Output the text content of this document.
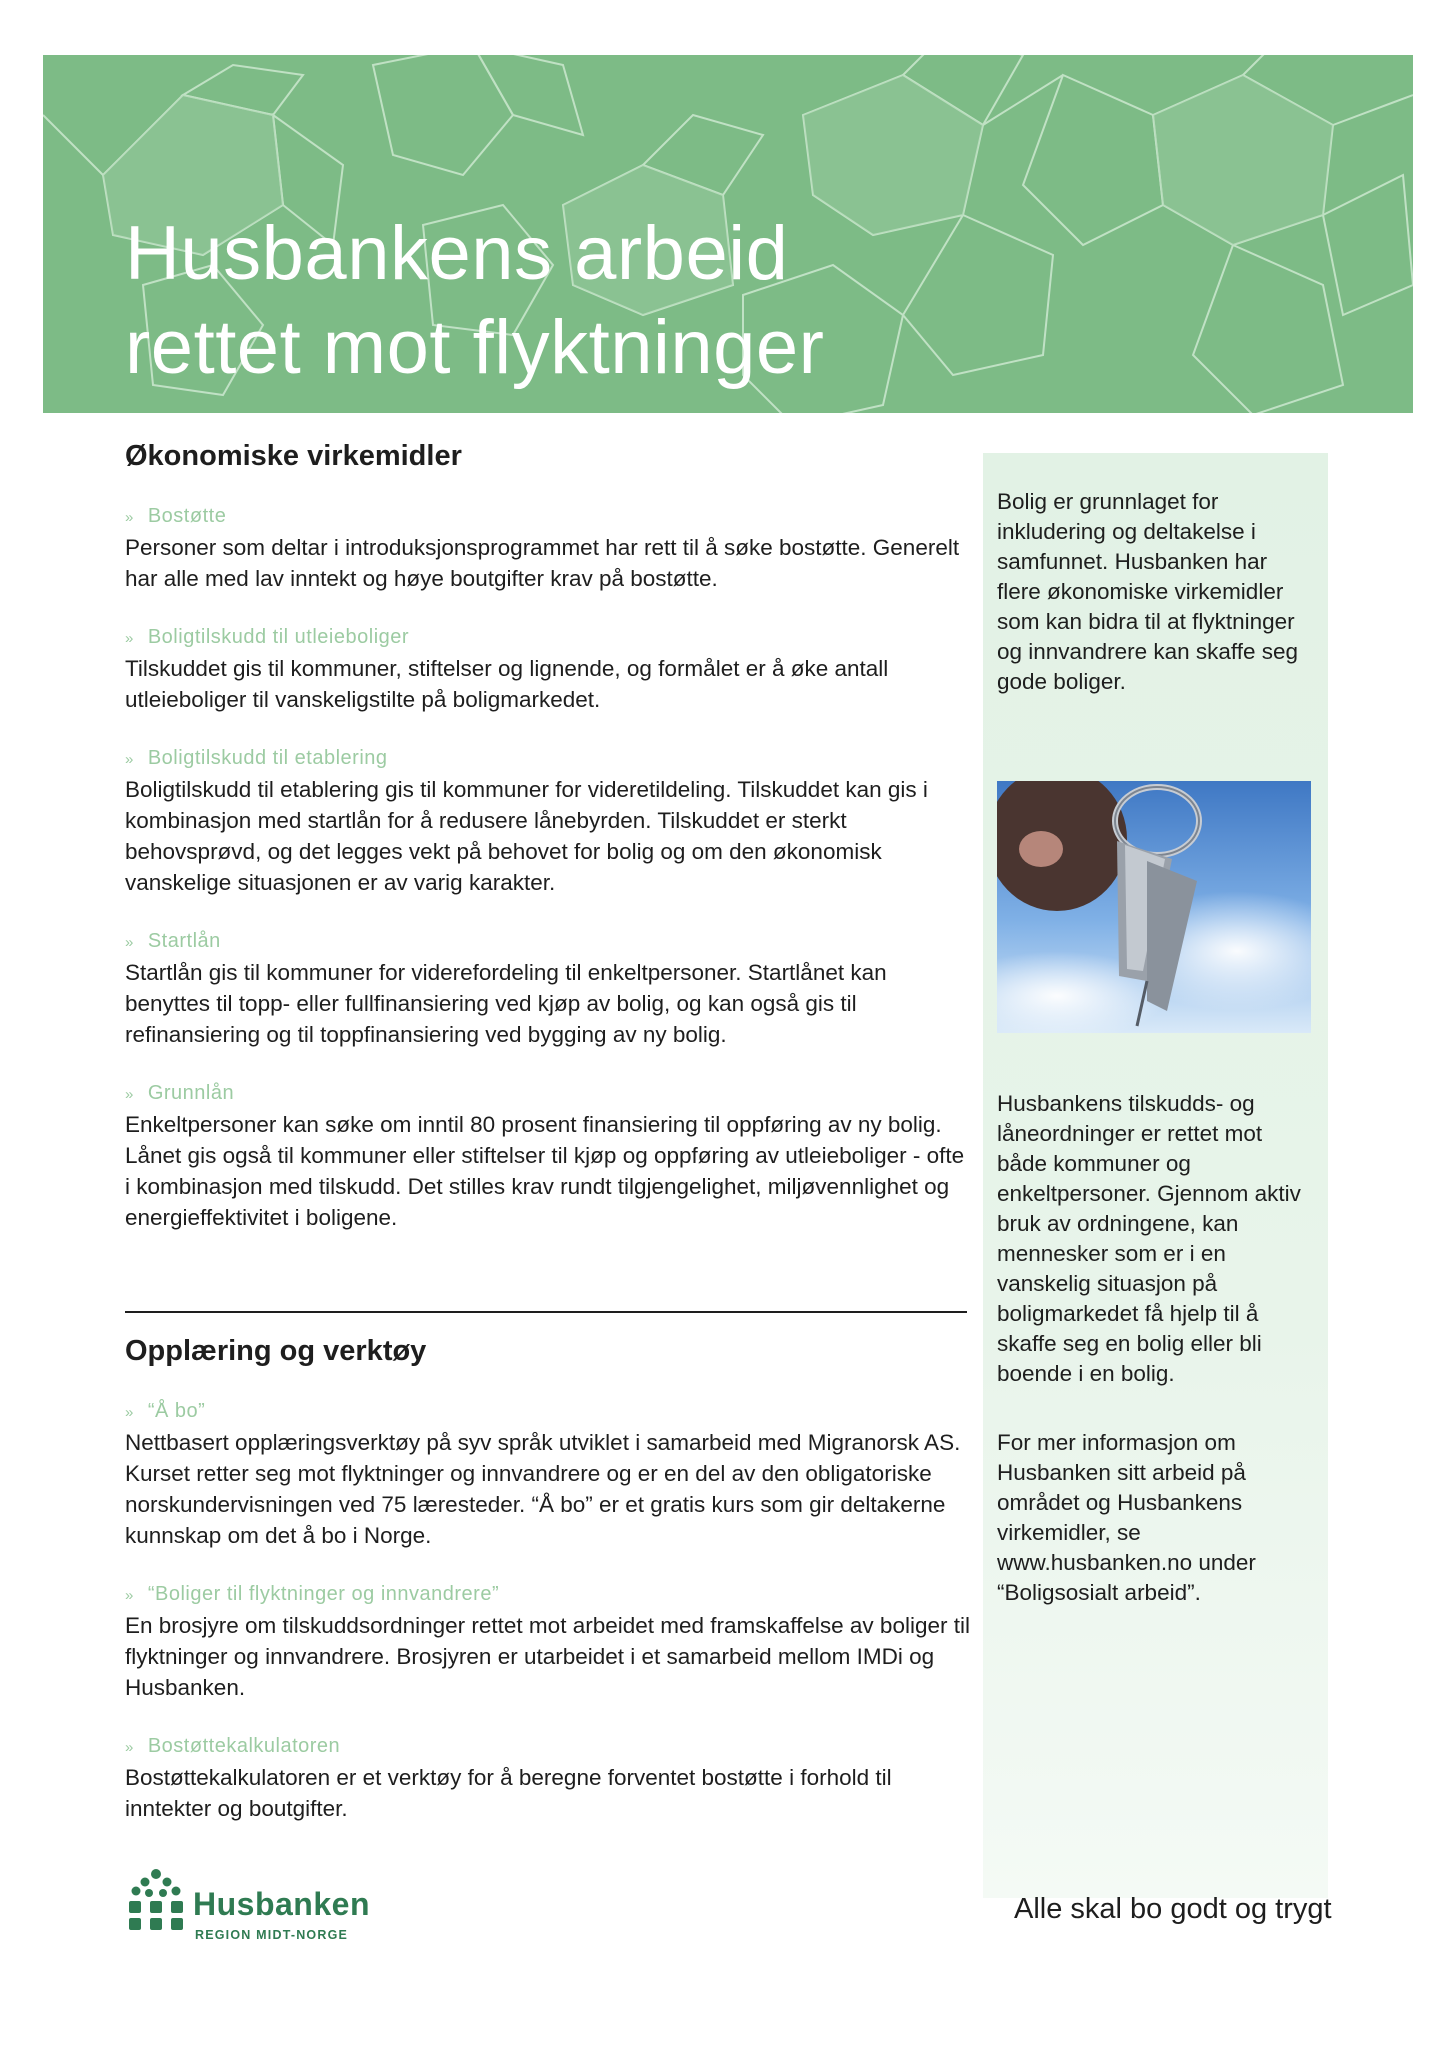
Husbankens arbeid
rettet mot flyktninger
Økonomiske virkemidler
» Bostøtte

Personer som deltar i introduksjonsprogrammet har rett til å søke bostøtte. Generelt har alle med lav inntekt og høye boutgifter krav på bostøtte.

» Boligtilskudd til utleieboliger

Tilskuddet gis til kommuner, stiftelser og lignende, og formålet er å øke antall utleieboliger til vanskeligstilte på boligmarkedet.

» Boligtilskudd til etablering

Boligtilskudd til etablering gis til kommuner for videretildeling. Tilskuddet kan gis i kombinasjon med startlån for å redusere lånebyrden. Tilskuddet er sterkt behovsprøvd, og det legges vekt på behovet for bolig og om den økonomisk vanskelige situasjonen er av varig karakter.

» Startlån

Startlån gis til kommuner for viderefordeling til enkeltpersoner. Startlånet kan benyttes til topp- eller fullfinansiering ved kjøp av bolig, og kan også gis til refinansiering og til toppfinansiering ved bygging av ny bolig.

» Grunnlån

Enkeltpersoner kan søke om inntil 80 prosent finansiering til oppføring av ny bolig. Lånet gis også til kommuner eller stiftelser til kjøp og oppføring av utleieboliger - ofte i kombinasjon med tilskudd. Det stilles krav rundt tilgjengelighet, miljøvennlighet og energieffektivitet i boligene.

Opplæring og verktøy
» “Å bo”

Nettbasert opplæringsverktøy på syv språk utviklet i samarbeid med Migranorsk AS. Kurset retter seg mot flyktninger og innvandrere og er en del av den obligatoriske norskundervisningen ved 75 læresteder. “Å bo” er et gratis kurs som gir deltakerne kunnskap om det å bo i Norge.

» “Boliger til flyktninger og innvandrere”

En brosjyre om tilskuddsordninger rettet mot arbeidet med framskaffelse av boliger til flyktninger og innvandrere. Brosjyren er utarbeidet i et samarbeid mellom IMDi og Husbanken.

» Bostøttekalkulatoren

Bostøttekalkulatoren er et verktøy for å beregne forventet bostøtte i forhold til inntekter og boutgifter.

Bolig er grunnlaget for inkludering og deltakelse i samfunnet. Husbanken har flere økonomiske virkemidler som kan bidra til at flyktninger og innvandrere kan skaffe seg gode boliger.

Husbankens tilskudds- og låneordninger er rettet mot både kommuner og enkeltpersoner. Gjennom aktiv bruk av ordningene, kan mennesker som er i en vanskelig situasjon på boligmarkedet få hjelp til å skaffe seg en bolig eller bli boende i en bolig.

For mer informasjon om Husbanken sitt arbeid på området og Husbankens virkemidler, se www.husbanken.no under “Boligsosialt arbeid”.

Husbanken
REGION MIDT-NORGE
Alle skal bo godt og trygt
